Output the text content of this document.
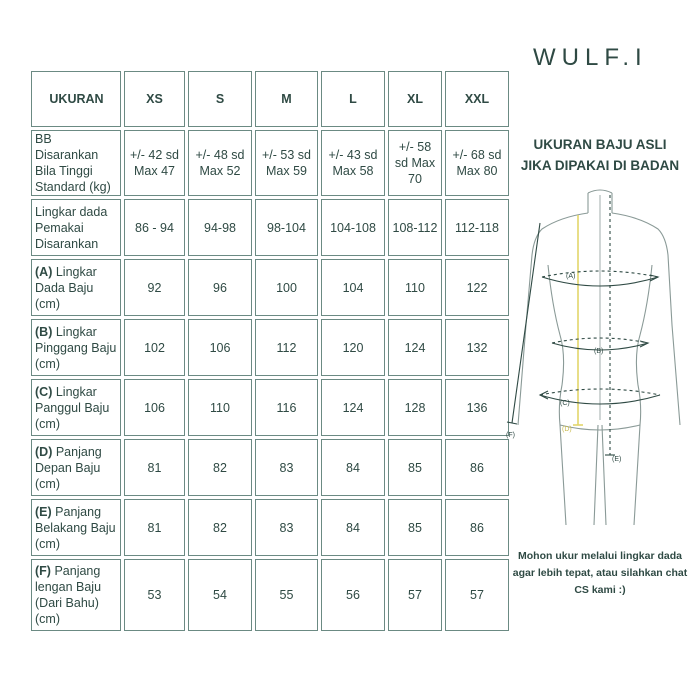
WULF.I
UKURAN	XS	S	M	L	XL	XXL
BB Disarankan Bila Tinggi Standard (kg)	+/- 42 sd Max 47	+/- 48 sd Max 52	+/- 53 sd Max 59	+/- 43 sd Max 58	+/- 58 sd Max 70	+/- 68 sd Max 80
Lingkar dada Pemakai Disarankan	86 - 94	94-98	98-104	104-108	108-112	112-118
(A) Lingkar Dada Baju (cm)	92	96	100	104	110	122
(B) Lingkar Pinggang Baju (cm)	102	106	112	120	124	132
(C) Lingkar Panggul Baju (cm)	106	110	116	124	128	136
(D) Panjang Depan Baju (cm)	81	82	83	84	85	86
(E) Panjang Belakang Baju (cm)	81	82	83	84	85	86
(F) Panjang lengan Baju (Dari Bahu) (cm)	53	54	55	56	57	57
UKURAN BAJU ASLI
JIKA DIPAKAI DI BADAN
(A)
(B)
(C)
(D)
(E)
(F)
Mohon ukur melalui lingkar dada agar lebih tepat, atau silahkan chat CS kami :)
